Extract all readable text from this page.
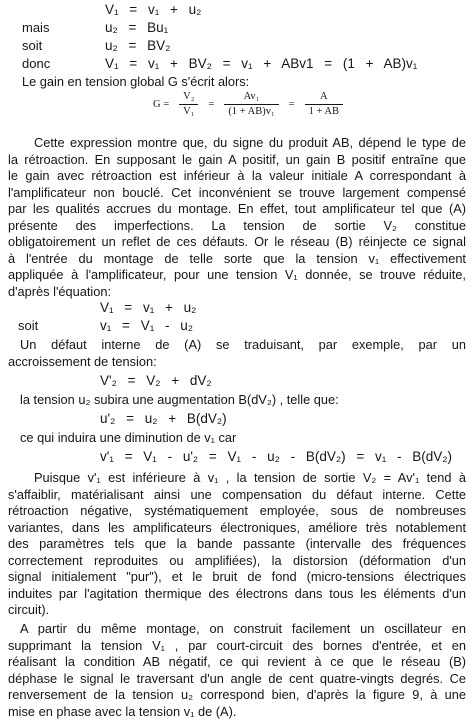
V₁ = v₁ + u₂
mais	u₂ = Bu₁
soit	u₂ = BV₂
donc	V₁ = v₁ + BV₂ = v₁ + ABv1 = (1 + AB)v₁
Le gain en tension global G s'écrit alors:
$G = \frac{\text{V₂}}{\text{V₁}} = \frac{\text{Av₁}}{\text{(1 + AB)v₁}} = \frac{A}{1 + AB}$
Cette expression montre que, du signe du produit AB, dépend le type de
la rétroaction. En supposant le gain A positif, un gain B positif entraîne que
le gain avec rétroaction est inférieur à la valeur initiale A correspondant à
l'amplificateur non bouclé. Cet inconvénient se trouve largement compensé
par les qualités accrues du montage. En effet, tout amplificateur tel que (A)
présente des imperfections. La tension de sortie V₂ constitue
obligatoirement un reflet de ces défauts. Or le réseau (B) réinjecte ce signal
à l'entrée du montage de telle sorte que la tension v₁ effectivement
appliquée à l'amplificateur, pour une tension V₁ donnée, se trouve réduite,
d'après l'équation:
V₁ = v₁ + u₂
soit	v₁ = V₁ - u₂
Un défaut interne de (A) se traduisant, par exemple, par un
accroissement de tension:
V'₂ = V₂ + dV₂
la tension u₂ subira une augmentation B(dV₂) , telle que:
u'₂ = u₂ + B(dV₂)
ce qui induira une diminution de v₁ car
v'₁ = V₁ - u'₂ = V₁ - u₂ - B(dV₂) = v₁ - B(dV₂)
Puisque v'₁ est inférieure à v₁ , la tension de sortie V₂ = Av'₁ tend à
s'affaiblir, matérialisant ainsi une compensation du défaut interne. Cette
rétroaction négative, systématiquement employée, sous de nombreuses
variantes, dans les amplificateurs électroniques, améliore très notablement
des paramètres tels que la bande passante (intervalle des fréquences
correctement reproduites ou amplifiées), la distorsion (déformation d'un
signal initialement "pur"), et le bruit de fond (micro-tensions électriques
induites par l'agitation thermique des électrons dans tous les éléments d'un
circuit).
A partir du même montage, on construit facilement un oscillateur en
supprimant la tension V₁ , par court-circuit des bornes d'entrée, et en
réalisant la condition AB négatif, ce qui revient à ce que le réseau (B)
déphase le signal le traversant d'un angle de cent quatre-vingts degrés. Ce
renversement de la tension u₂ correspond bien, d'après la figure 9, à une
mise en phase avec la tension v₁ de (A).
